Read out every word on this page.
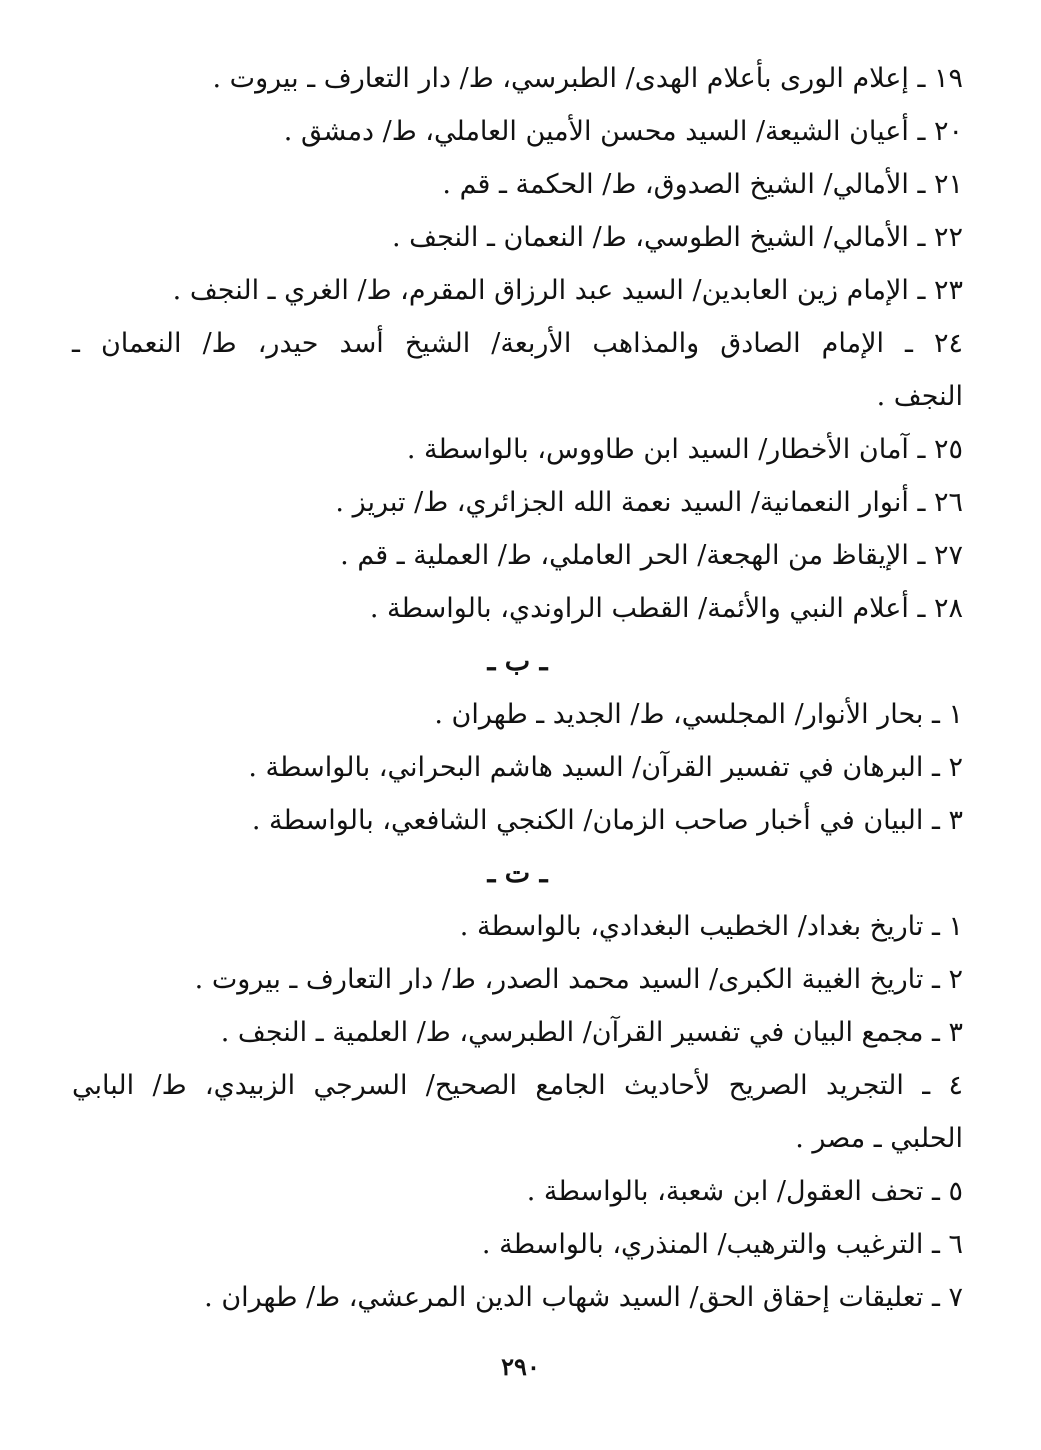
١٩ ـ إعلام الورى بأعلام الهدى/ الطبرسي، ط/ دار التعارف ـ بيروت .
٢٠ ـ أعيان الشيعة/ السيد محسن الأمين العاملي، ط/ دمشق .
٢١ ـ الأمالي/ الشيخ الصدوق، ط/ الحكمة ـ قم .
٢٢ ـ الأمالي/ الشيخ الطوسي، ط/ النعمان ـ النجف .
٢٣ ـ الإمام زين العابدين/ السيد عبد الرزاق المقرم، ط/ الغري ـ النجف .
٢٤ ـ الإمام الصادق والمذاهب الأربعة/ الشيخ أسد حيدر، ط/ النعمان ـ
النجف .
٢٥ ـ آمان الأخطار/ السيد ابن طاووس، بالواسطة .
٢٦ ـ أنوار النعمانية/ السيد نعمة الله الجزائري، ط/ تبريز .
٢٧ ـ الإيقاظ من الهجعة/ الحر العاملي، ط/ العملية ـ قم .
٢٨ ـ أعلام النبي والأئمة/ القطب الراوندي، بالواسطة .
ـ ب ـ
١ ـ بحار الأنوار/ المجلسي، ط/ الجديد ـ طهران .
٢ ـ البرهان في تفسير القرآن/ السيد هاشم البحراني، بالواسطة .
٣ ـ البيان في أخبار صاحب الزمان/ الكنجي الشافعي، بالواسطة .
ـ ت ـ
١ ـ تاريخ بغداد/ الخطيب البغدادي، بالواسطة .
٢ ـ تاريخ الغيبة الكبرى/ السيد محمد الصدر، ط/ دار التعارف ـ بيروت .
٣ ـ مجمع البيان في تفسير القرآن/ الطبرسي، ط/ العلمية ـ النجف .
٤ ـ التجريد الصريح لأحاديث الجامع الصحيح/ السرجي الزبيدي، ط/ البابي
الحلبي ـ مصر .
٥ ـ تحف العقول/ ابن شعبة، بالواسطة .
٦ ـ الترغيب والترهيب/ المنذري، بالواسطة .
٧ ـ تعليقات إحقاق الحق/ السيد شهاب الدين المرعشي، ط/ طهران .
٢٩٠
